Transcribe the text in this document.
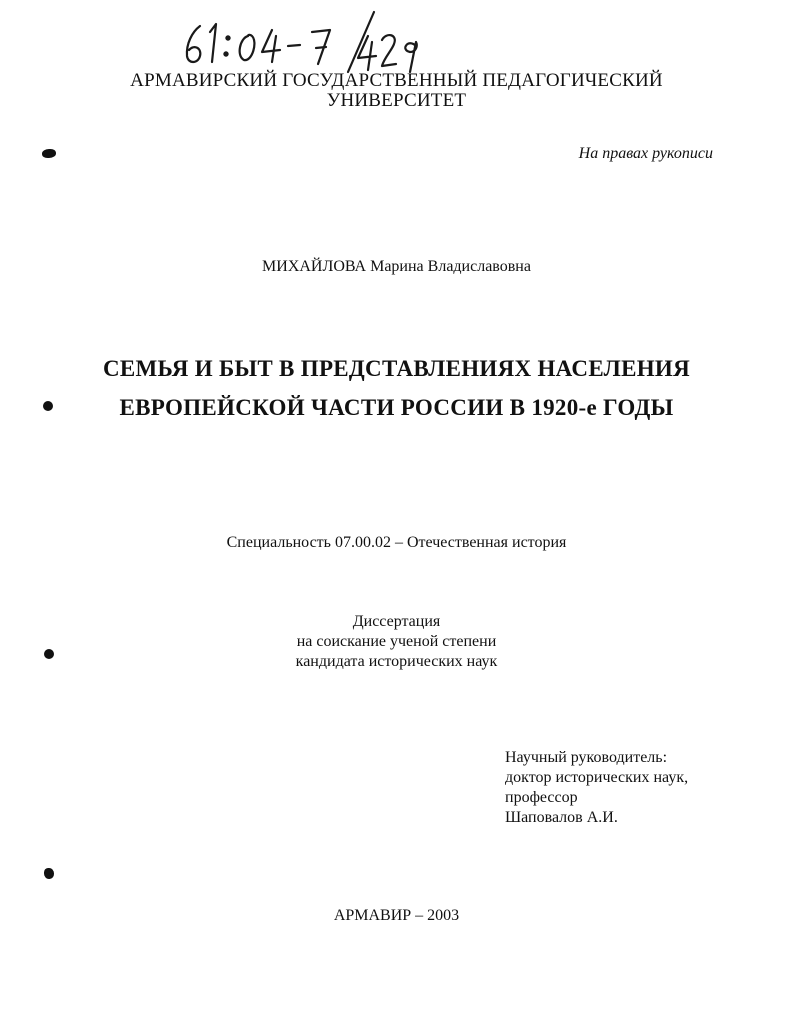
АРМАВИРСКИЙ ГОСУДАРСТВЕННЫЙ ПЕДАГОГИЧЕСКИЙ
УНИВЕРСИТЕТ
На правах рукописи
МИХАЙЛОВА Марина Владиславовна
СЕМЬЯ И БЫТ В ПРЕДСТАВЛЕНИЯХ НАСЕЛЕНИЯ
ЕВРОПЕЙСКОЙ ЧАСТИ РОССИИ В 1920-е ГОДЫ
Специальность 07.00.02 – Отечественная история
Диссертация
на соискание ученой степени
кандидата исторических наук
Научный руководитель:
доктор исторических наук,
профессор
Шаповалов А.И.
АРМАВИР – 2003
